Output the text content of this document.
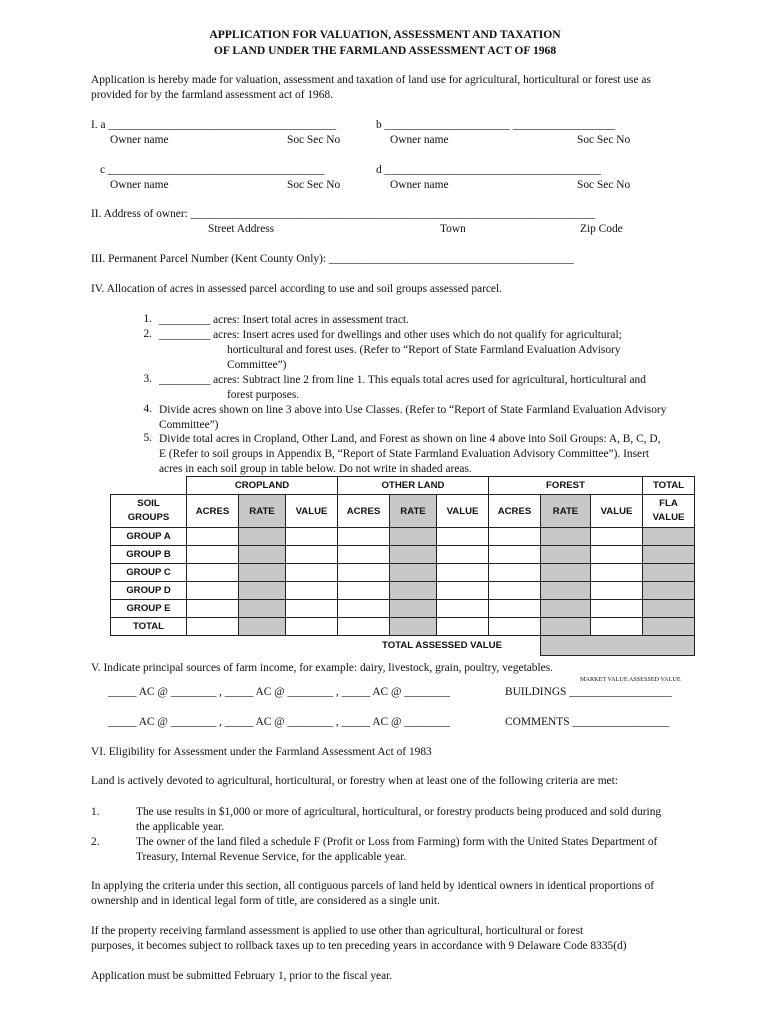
APPLICATION FOR VALUATION, ASSESSMENT AND TAXATION
OF LAND UNDER THE FARMLAND ASSESSMENT ACT OF 1968
Application is hereby made for valuation, assessment and taxation of land use for agricultural, horticultural or forest use as
provided for by the farmland assessment act of 1968.
I. a ________________________________________	b ______________________ __________________
Owner name	Soc Sec No	Owner name	Soc Sec No
c ______________________________________	d ______________________________________
Owner name	Soc Sec No	Owner name	Soc Sec No
II. Address of owner: _______________________________________________________________________
Street Address	Town	Zip Code
III. Permanent Parcel Number (Kent County Only): ___________________________________________
IV. Allocation of acres in assessed parcel according to use and soil groups assessed parcel.
1. _________ acres: Insert total acres in assessment tract.
2. _________ acres: Insert acres used for dwellings and other uses which do not qualify for agricultural;
horticultural and forest uses. (Refer to “Report of State Farmland Evaluation Advisory
Committee”)
3. _________ acres: Subtract line 2 from line 1. This equals total acres used for agricultural, horticultural and
forest purposes.
4. Divide acres shown on line 3 above into Use Classes. (Refer to “Report of State Farmland Evaluation Advisory
Committee”)
5. Divide total acres in Cropland, Other Land, and Forest as shown on line 4 above into Soil Groups: A, B, C, D,
E (Refer to soil groups in Appendix B, “Report of State Farmland Evaluation Advisory Committee”). Insert
acres in each soil group in table below. Do not write in shaded areas.
	CROPLAND			OTHER LAND			FOREST			TOTAL
SOIL
GROUPS	ACRES	RATE	VALUE	ACRES	RATE	VALUE	ACRES	RATE	VALUE	FLA
VALUE
GROUP A										
GROUP B										
GROUP C										
GROUP D										
GROUP E										
TOTAL										
TOTAL ASSESSED VALUE										
V. Indicate principal sources of farm income, for example: dairy, livestock, grain, poultry, vegetables.
MARKET VALUE ASSESSED VALUE
_____ AC @ ________ , _____ AC @ ________ , _____ AC @ ________	BUILDINGS __________________
_____ AC @ ________ , _____ AC @ ________ , _____ AC @ ________	COMMENTS _________________
VI. Eligibility for Assessment under the Farmland Assessment Act of 1983
Land is actively devoted to agricultural, horticultural, or forestry when at least one of the following criteria are met:
1.	The use results in $1,000 or more of agricultural, horticultural, or forestry products being produced and sold during
the applicable year.
2.	The owner of the land filed a schedule F (Profit or Loss from Farming) form with the United States Department of
Treasury, Internal Revenue Service, for the applicable year.
In applying the criteria under this section, all contiguous parcels of land held by identical owners in identical proportions of
ownership and in identical legal form of title, are considered as a single unit.
If the property receiving farmland assessment is applied to use other than agricultural, horticultural or forest
purposes, it becomes subject to rollback taxes up to ten preceding years in accordance with 9 Delaware Code 8335(d)
Application must be submitted February 1, prior to the fiscal year.
